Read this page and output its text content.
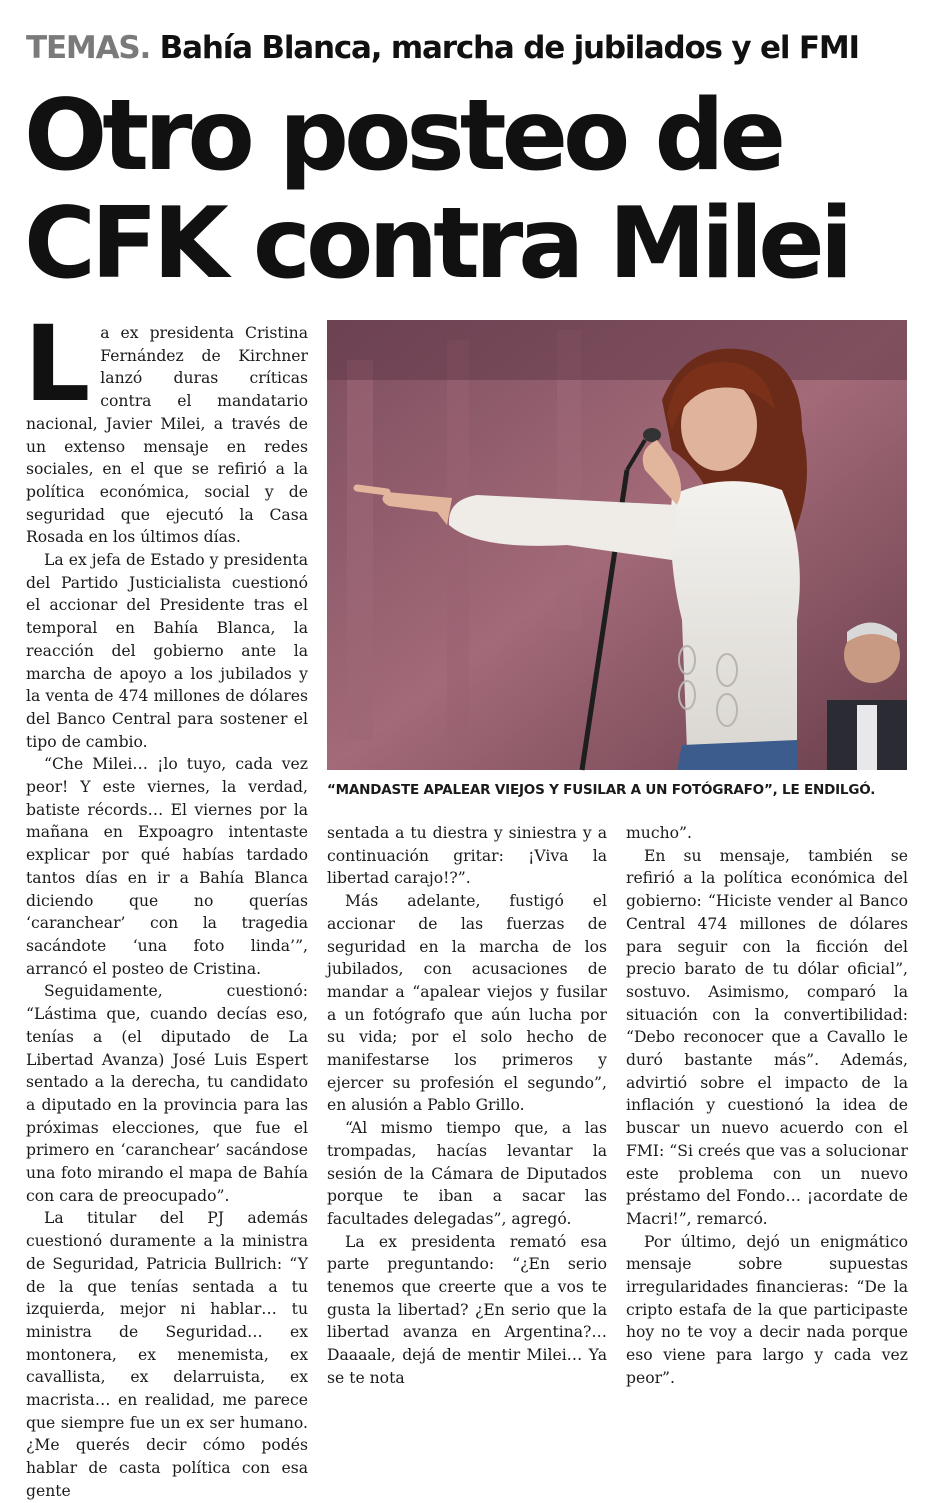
TEMAS. Bahía Blanca, marcha de jubilados y el FMI
Otro posteo de
CFK contra Milei

La ex presidenta Cristina Fernández de Kirchner lanzó duras críticas contra el mandatario nacional, Javier Milei, a través de un extenso mensaje en redes sociales, en el que se refirió a la política económica, social y de seguridad que ejecutó la Casa Rosada en los últimos días.

La ex jefa de Estado y presidenta del Partido Justicialista cuestionó el accionar del Presidente tras el temporal en Bahía Blanca, la reacción del gobierno ante la marcha de apoyo a los jubilados y la venta de 474 millones de dólares del Banco Central para sostener el tipo de cambio.

“Che Milei… ¡lo tuyo, cada vez peor! Y este viernes, la verdad, batiste récords… El viernes por la mañana en Expoagro intentaste explicar por qué habías tardado tantos días en ir a Bahía Blanca diciendo que no querías ‘caranchear’ con la tragedia sacándote ‘una foto linda’”, arrancó el posteo de Cristina.

Seguidamente, cuestionó: “Lástima que, cuando decías eso, tenías a (el diputado de La Libertad Avanza) José Luis Espert sentado a la derecha, tu candidato a diputado en la provincia para las próximas elecciones, que fue el primero en ‘caranchear’ sacándose una foto mirando el mapa de Bahía con cara de preocupado”.

La titular del PJ además cuestionó duramente a la ministra de Seguridad, Patricia Bullrich: “Y de la que tenías sentada a tu izquierda, mejor ni hablar… tu ministra de Seguridad… ex montonera, ex menemista, ex cavallista, ex delarruista, ex macrista… en realidad, me parece que siempre fue un ex ser humano. ¿Me querés decir cómo podés hablar de casta política con esa gente

“MANDASTE APALEAR VIEJOS Y FUSILAR A UN FOTÓGRAFO”, LE ENDILGÓ.

sentada a tu diestra y siniestra y a continuación gritar: ¡Viva la libertad carajo!?”.

Más adelante, fustigó el accionar de las fuerzas de seguridad en la marcha de los jubilados, con acusaciones de mandar a “apalear viejos y fusilar a un fotógrafo que aún lucha por su vida; por el solo hecho de manifestarse los primeros y ejercer su profesión el segundo”, en alusión a Pablo Grillo.

“Al mismo tiempo que, a las trompadas, hacías levantar la sesión de la Cámara de Diputados porque te iban a sacar las facultades delegadas”, agregó.

La ex presidenta remató esa parte preguntando: “¿En serio tenemos que creerte que a vos te gusta la libertad? ¿En serio que la libertad avanza en Argentina?… Daaaale, dejá de mentir Milei… Ya se te nota

mucho”.

En su mensaje, también se refirió a la política económica del gobierno: “Hiciste vender al Banco Central 474 millones de dólares para seguir con la ficción del precio barato de tu dólar oficial”, sostuvo. Asimismo, comparó la situación con la convertibilidad: “Debo reconocer que a Cavallo le duró bastante más”. Además, advirtió sobre el impacto de la inflación y cuestionó la idea de buscar un nuevo acuerdo con el FMI: “Si creés que vas a solucionar este problema con un nuevo préstamo del Fondo… ¡acordate de Macri!”, remarcó.

Por último, dejó un enigmático mensaje sobre supuestas irregularidades financieras: “De la cripto estafa de la que participaste hoy no te voy a decir nada porque eso viene para largo y cada vez peor”.
